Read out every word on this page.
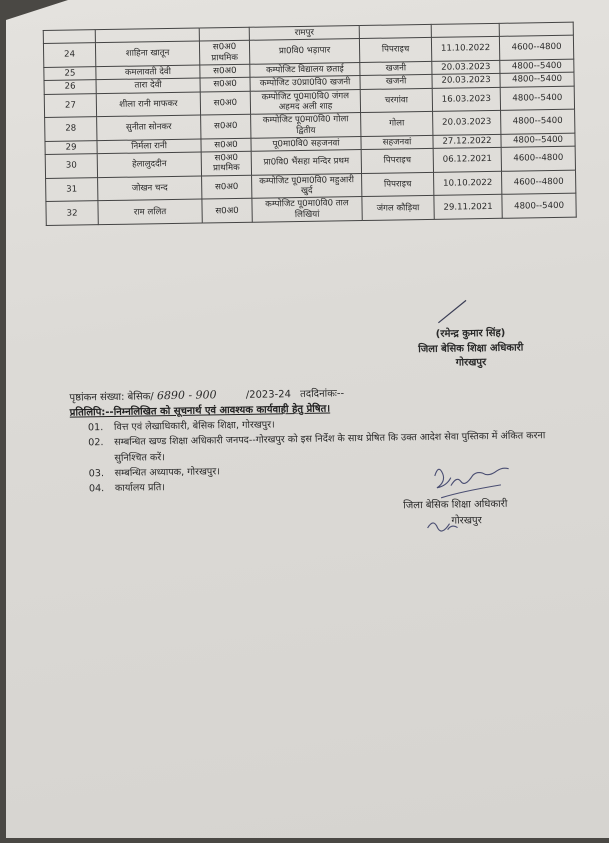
			रामपुर			
24	शाहिना खातून	स0अ0 प्राथमिक	प्रा0वि0 भड़ापार	पिपराइच	11.10.2022	4600--4800
25	कमलावती देवी	स0अ0	कम्पोजिट विद्यालय छताई	खजनी	20.03.2023	4800--5400
26	तारा देवी	स0अ0	कम्पोजिट उ0प्रा0वि0 खजनी	खजनी	20.03.2023	4800--5400
27	शीला रानी माफकर	स0अ0	कम्पोजिट पू0मा0वि0 जंगल अहमद अली शाह	चरगांवा	16.03.2023	4800--5400
28	सुनीता सोनकर	स0अ0	कम्पोजिट पू0मा0वि0 गोला द्वितीय	गोला	20.03.2023	4800--5400
29	निर्मला रानी	स0अ0	पू0मा0वि0 सहजनवां	सहजनवां	27.12.2022	4800--5400
30	हेलालुददीन	स0अ0 प्राथमिक	प्रा0वि0 भैंसहा मन्दिर प्रथम	पिपराइच	06.12.2021	4600--4800
31	जोखन चन्द	स0अ0	कम्पोजिट पू0मा0वि0 महुआरी खुर्द	पिपराइच	10.10.2022	4600--4800
32	राम ललित	स0अ0	कम्पोजिट पू0मा0वि0 ताल लिखियां	जंगल कौड़िया	29.11.2021	4800--5400
(रमेन्द्र कुमार सिंह)
जिला बेसिक शिक्षा अधिकारी
गोरखपुर
पृष्ठांकन संख्या: बेसिक/ 6890 - 900	/2023-24 तददिनांकः--
प्रतिलिपि:--निम्नलिखित को सूचनार्थ एवं आवश्यक कार्यवाही हेतु प्रेषित।
01.	वित्त एवं लेखाधिकारी, बेसिक शिक्षा, गोरखपुर।
02.	सम्बन्धित खण्ड शिक्षा अधिकारी जनपद--गोरखपुर को इस निर्देश के साथ प्रेषित कि उक्त आदेश सेवा पुस्तिका में अंकित करना सुनिश्चित करें।
03.	सम्बन्धित अध्यापक, गोरखपुर।
04.	कार्यालय प्रति।
जिला बेसिक शिक्षा अधिकारी
गोरखपुर
